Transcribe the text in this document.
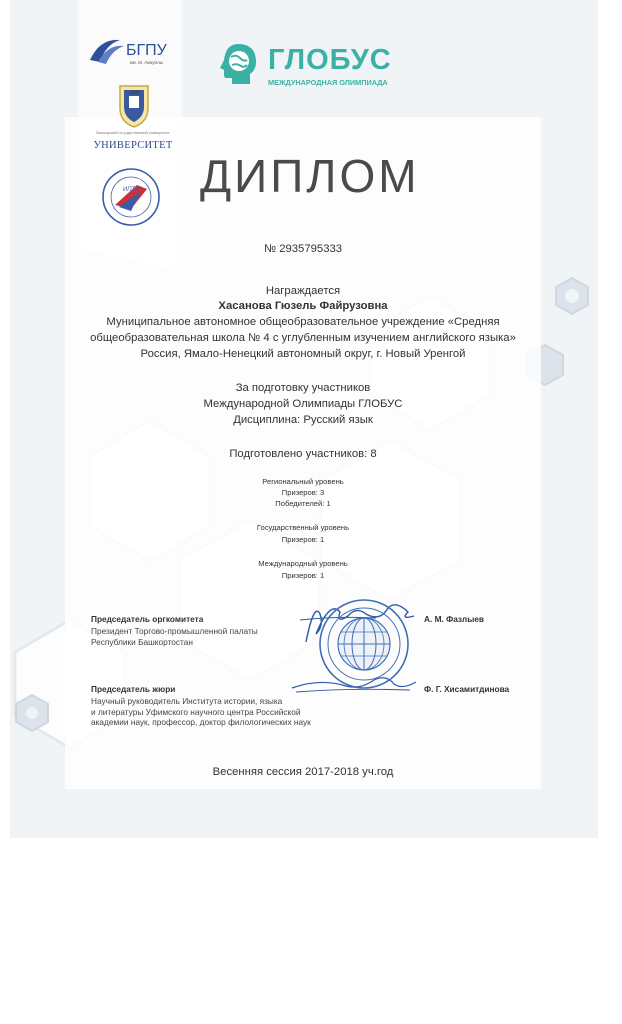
БГПУ
им. М. Акмуллы
1909
Башкирский государственный университет
УНИВЕРСИТЕТ
ИПТУ
ГЛОБУС
МЕЖДУНАРОДНАЯ ОЛИМПИАДА
ДИПЛОМ
№ 2935795333
Награждается
Хасанова Гюзель Файрузовна
Муниципальное автономное общеобразовательное учреждение «Средняя
общеобразовательная школа № 4 с углубленным изучением английского языка»
Россия, Ямало-Ненецкий автономный округ, г. Новый Уренгой
За подготовку участников
Международной Олимпиады ГЛОБУС
Дисциплина: Русский язык
Подготовлено участников: 8
Региональный уровень
Призеров: 3
Победителей: 1
Государственный уровень
Призеров: 1
Международный уровень
Призеров: 1
Председатель оргкомитета
Президент Торгово-промышленной палаты
Республики Башкортостан
А. М. Фазлыев
Председатель жюри
Научный руководитель Института истории, языка
и литературы Уфимского научного центра Российской
академии наук, профессор, доктор филологических наук
Ф. Г. Хисамитдинова
Весенняя сессия 2017-2018 уч.год
